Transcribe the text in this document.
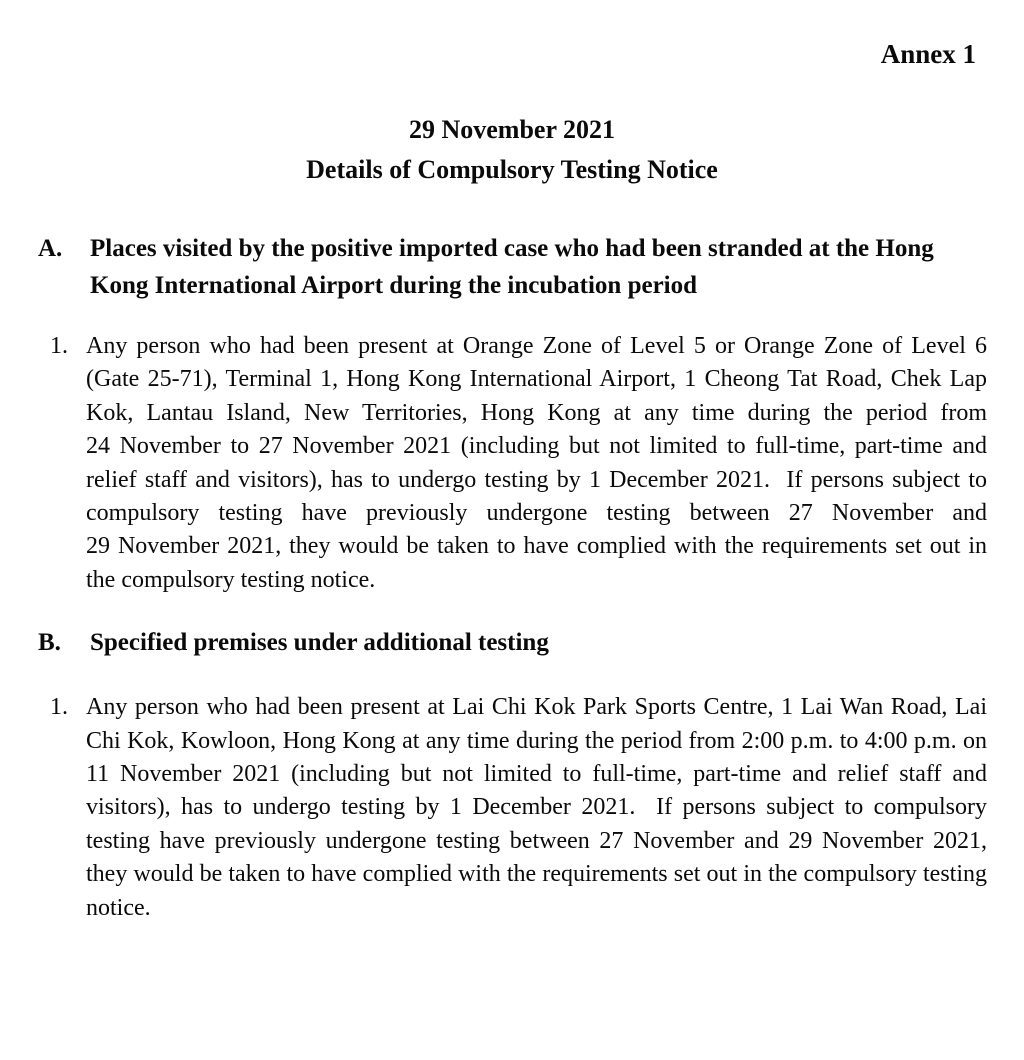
Annex 1
29 November 2021
Details of Compulsory Testing Notice
A.	Places visited by the positive imported case who had been stranded at the Hong Kong International Airport during the incubation period
1. Any person who had been present at Orange Zone of Level 5 or Orange Zone of Level 6 (Gate 25-71), Terminal 1, Hong Kong International Airport, 1 Cheong Tat Road, Chek Lap Kok, Lantau Island, New Territories, Hong Kong at any time during the period from 24 November to 27 November 2021 (including but not limited to full-time, part-time and relief staff and visitors), has to undergo testing by 1 December 2021.  If persons subject to compulsory testing have previously undergone testing between 27 November and 29 November 2021, they would be taken to have complied with the requirements set out in the compulsory testing notice.
B.	Specified premises under additional testing
1. Any person who had been present at Lai Chi Kok Park Sports Centre, 1 Lai Wan Road, Lai Chi Kok, Kowloon, Hong Kong at any time during the period from 2:00 p.m. to 4:00 p.m. on 11 November 2021 (including but not limited to full-time, part-time and relief staff and visitors), has to undergo testing by 1 December 2021.  If persons subject to compulsory testing have previously undergone testing between 27 November and 29 November 2021, they would be taken to have complied with the requirements set out in the compulsory testing notice.
